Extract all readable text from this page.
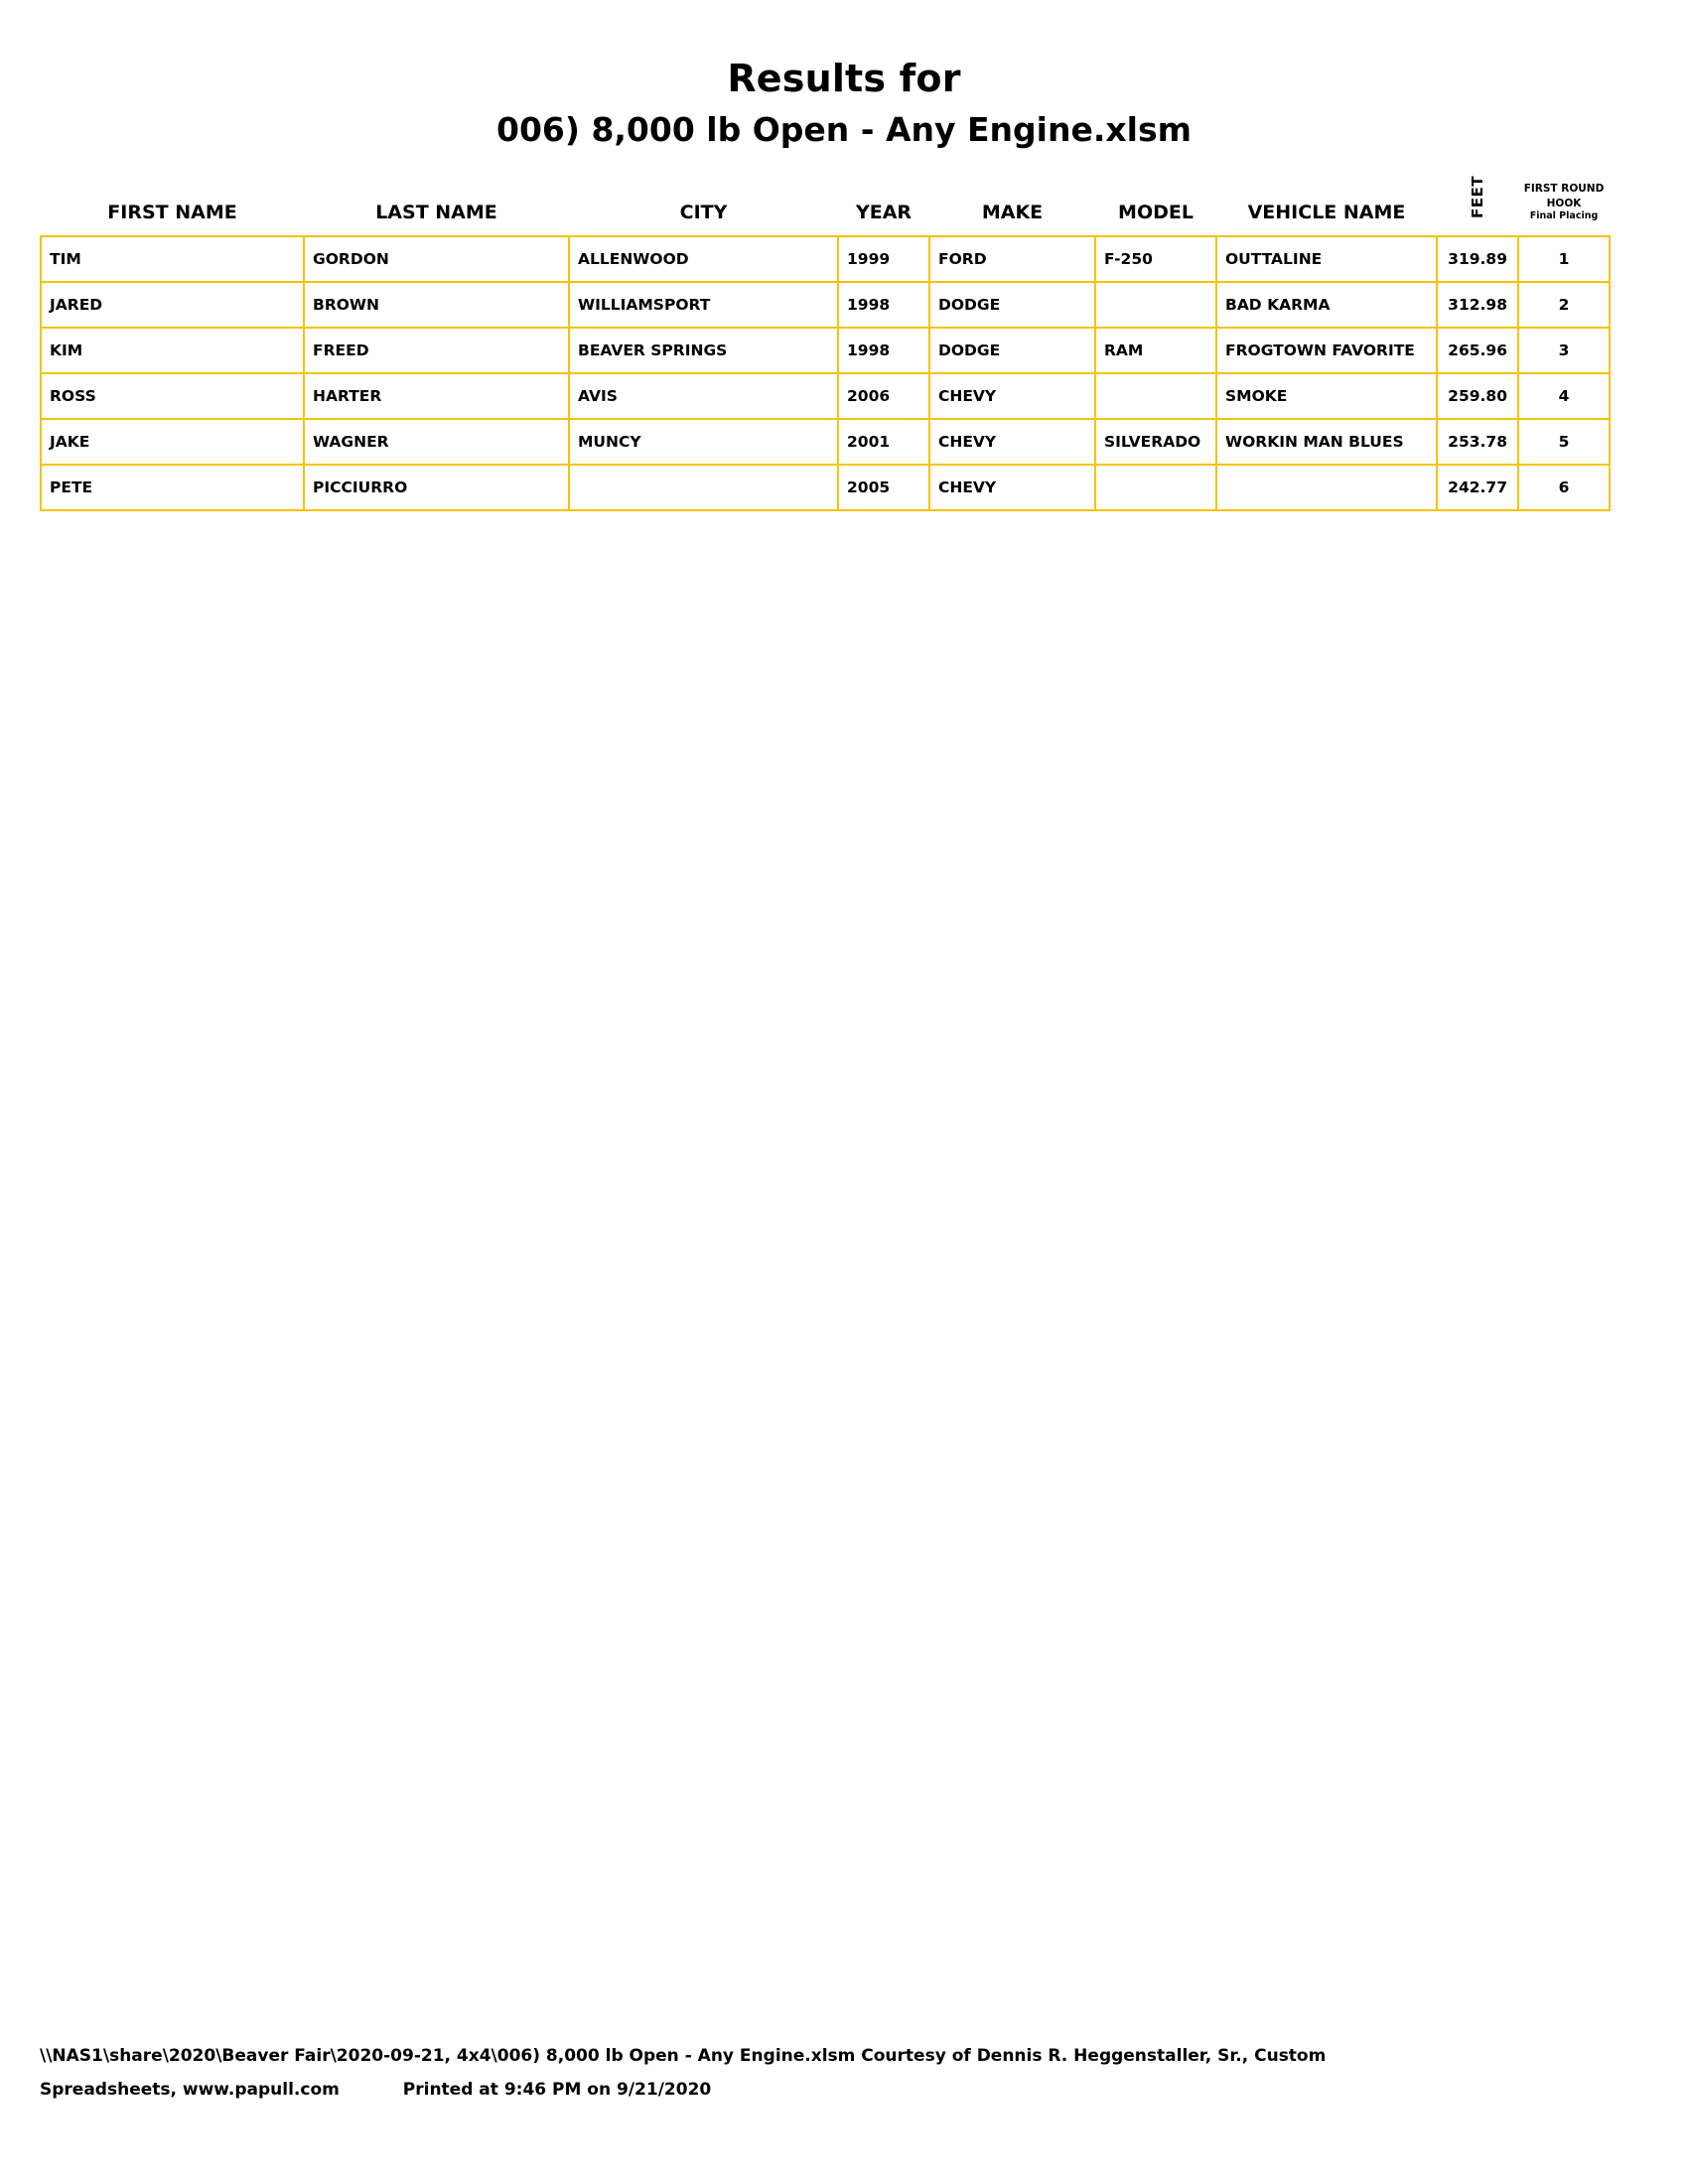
Results for
006) 8,000 lb Open - Any Engine.xlsm
FIRST NAME	LAST NAME	CITY	YEAR	MAKE	MODEL	VEHICLE NAME	FEET	FIRST ROUND
HOOK
Final Placing

TIM	GORDON	ALLENWOOD	1999	FORD	F-250	OUTTALINE	319.89	1
JARED	BROWN	WILLIAMSPORT	1998	DODGE		BAD KARMA	312.98	2
KIM	FREED	BEAVER SPRINGS	1998	DODGE	RAM	FROGTOWN FAVORITE	265.96	3
ROSS	HARTER	AVIS	2006	CHEVY		SMOKE	259.80	4
JAKE	WAGNER	MUNCY	2001	CHEVY	SILVERADO	WORKIN MAN BLUES	253.78	5
PETE	PICCIURRO		2005	CHEVY			242.77	6
\\NAS1\share\2020\Beaver Fair\2020-09-21, 4x4\006) 8,000 lb Open - Any Engine.xlsm Courtesy of Dennis R. Heggenstaller, Sr., Custom
Spreadsheets, www.papull.com	Printed at 9:46 PM on 9/21/2020
